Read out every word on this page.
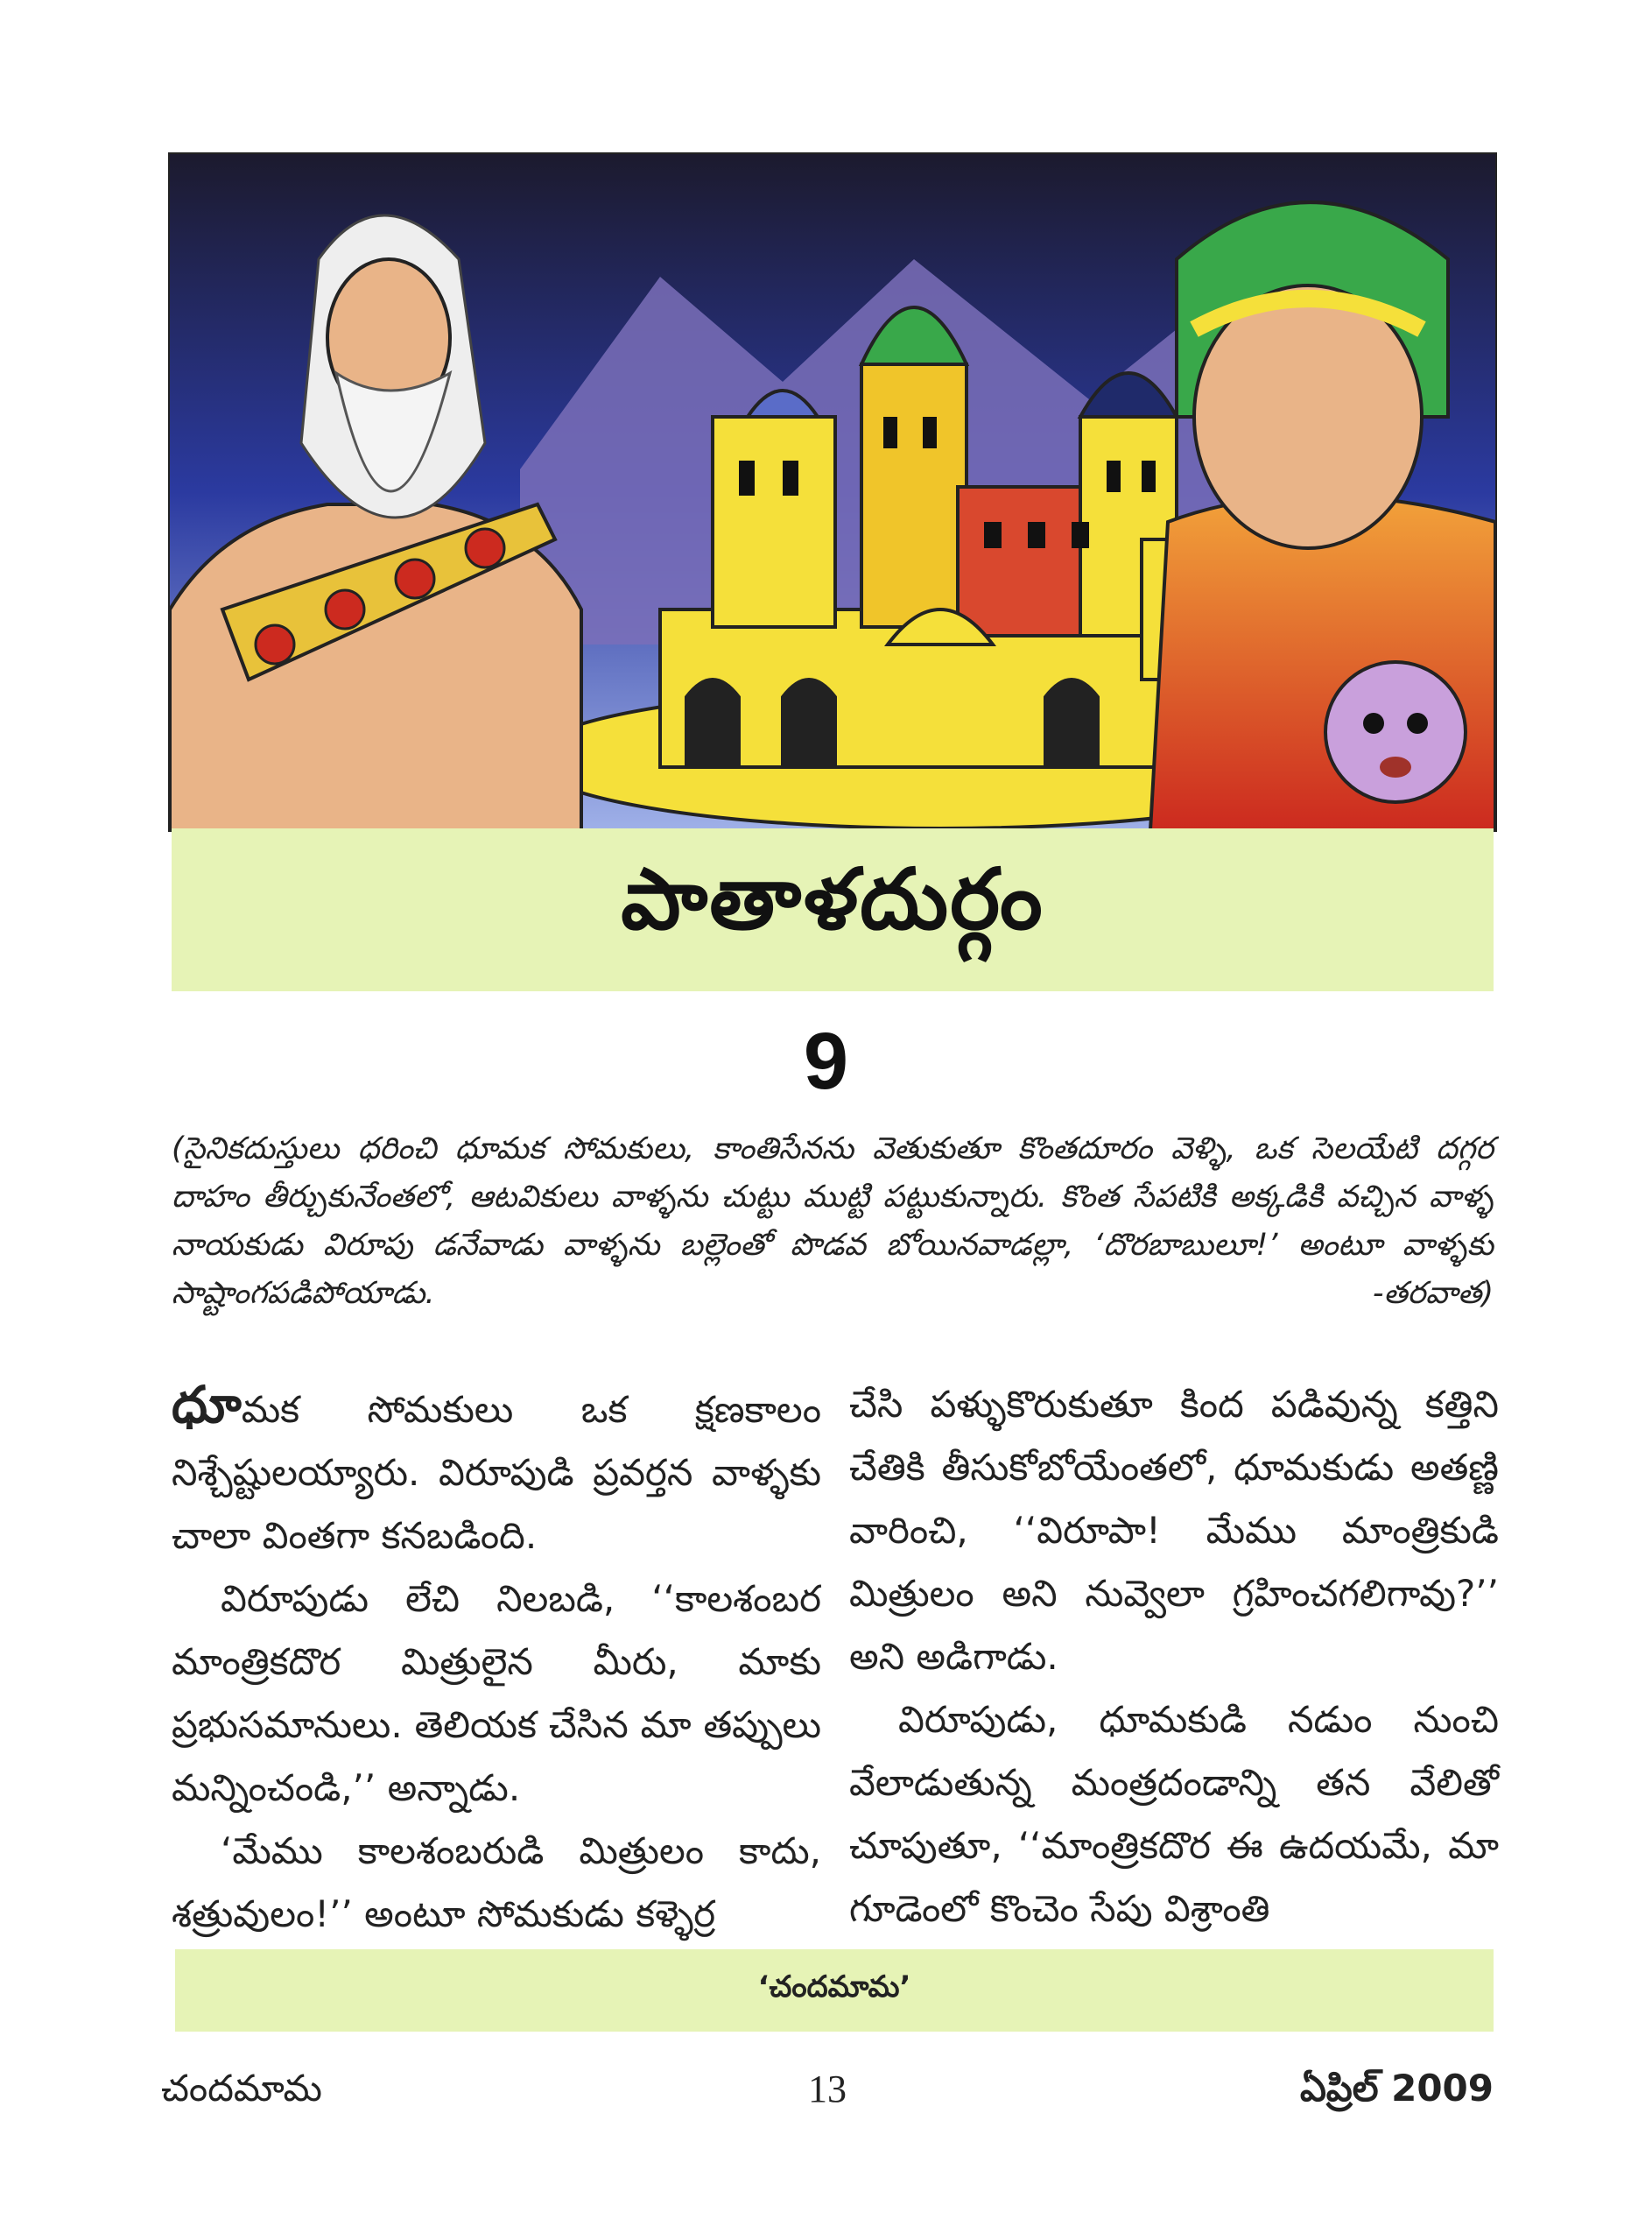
పాతాళదుర్గం
9
(సైనికదుస్తులు ధరించి ధూమక సోమకులు, కాంతిసేనను వెతుకుతూ కొంతదూరం వెళ్ళి, ఒక సెలయేటి దగ్గర దాహం తీర్చుకునేంతలో, ఆటవికులు వాళ్ళను చుట్టు ముట్టి పట్టుకున్నారు. కొంత సేపటికి అక్కడికి వచ్చిన వాళ్ళ నాయకుడు విరూపు డనేవాడు వాళ్ళను బల్లెంతో పొడవ బోయినవాడల్లా, ‘దొరబాబులూ!’ అంటూ వాళ్ళకు సాష్టాంగపడిపోయాడు.	-తరవాత)

ధూమక సోమకులు ఒక క్షణకాలం నిశ్చేష్టులయ్యారు. విరూపుడి ప్రవర్తన వాళ్ళకు చాలా వింతగా కనబడింది.

విరూపుడు లేచి నిలబడి, ‘‘కాలశంబర మాంత్రికదొర మిత్రులైన మీరు, మాకు ప్రభుసమానులు. తెలియక చేసిన మా తప్పులు మన్నించండి,’’ అన్నాడు.

‘మేము కాలశంబరుడి మిత్రులం కాదు, శత్రువులం!’’ అంటూ సోమకుడు కళ్ళెర్ర

చేసి పళ్ళుకొరుకుతూ కింద పడివున్న కత్తిని చేతికి తీసుకోబోయేంతలో, ధూమకుడు అతణ్ణి వారించి, ‘‘విరూపా! మేము మాంత్రికుడి మిత్రులం అని నువ్వెలా గ్రహించగలిగావు?’’ అని అడిగాడు.

విరూపుడు, ధూమకుడి నడుం నుంచి వేలాడుతున్న మంత్రదండాన్ని తన వేలితో చూపుతూ, ‘‘మాంత్రికదొర ఈ ఉదయమే, మా గూడెంలో కొంచెం సేపు విశ్రాంతి

‘చందమామ’
చందమామ	13	ఏప్రిల్ 2009
